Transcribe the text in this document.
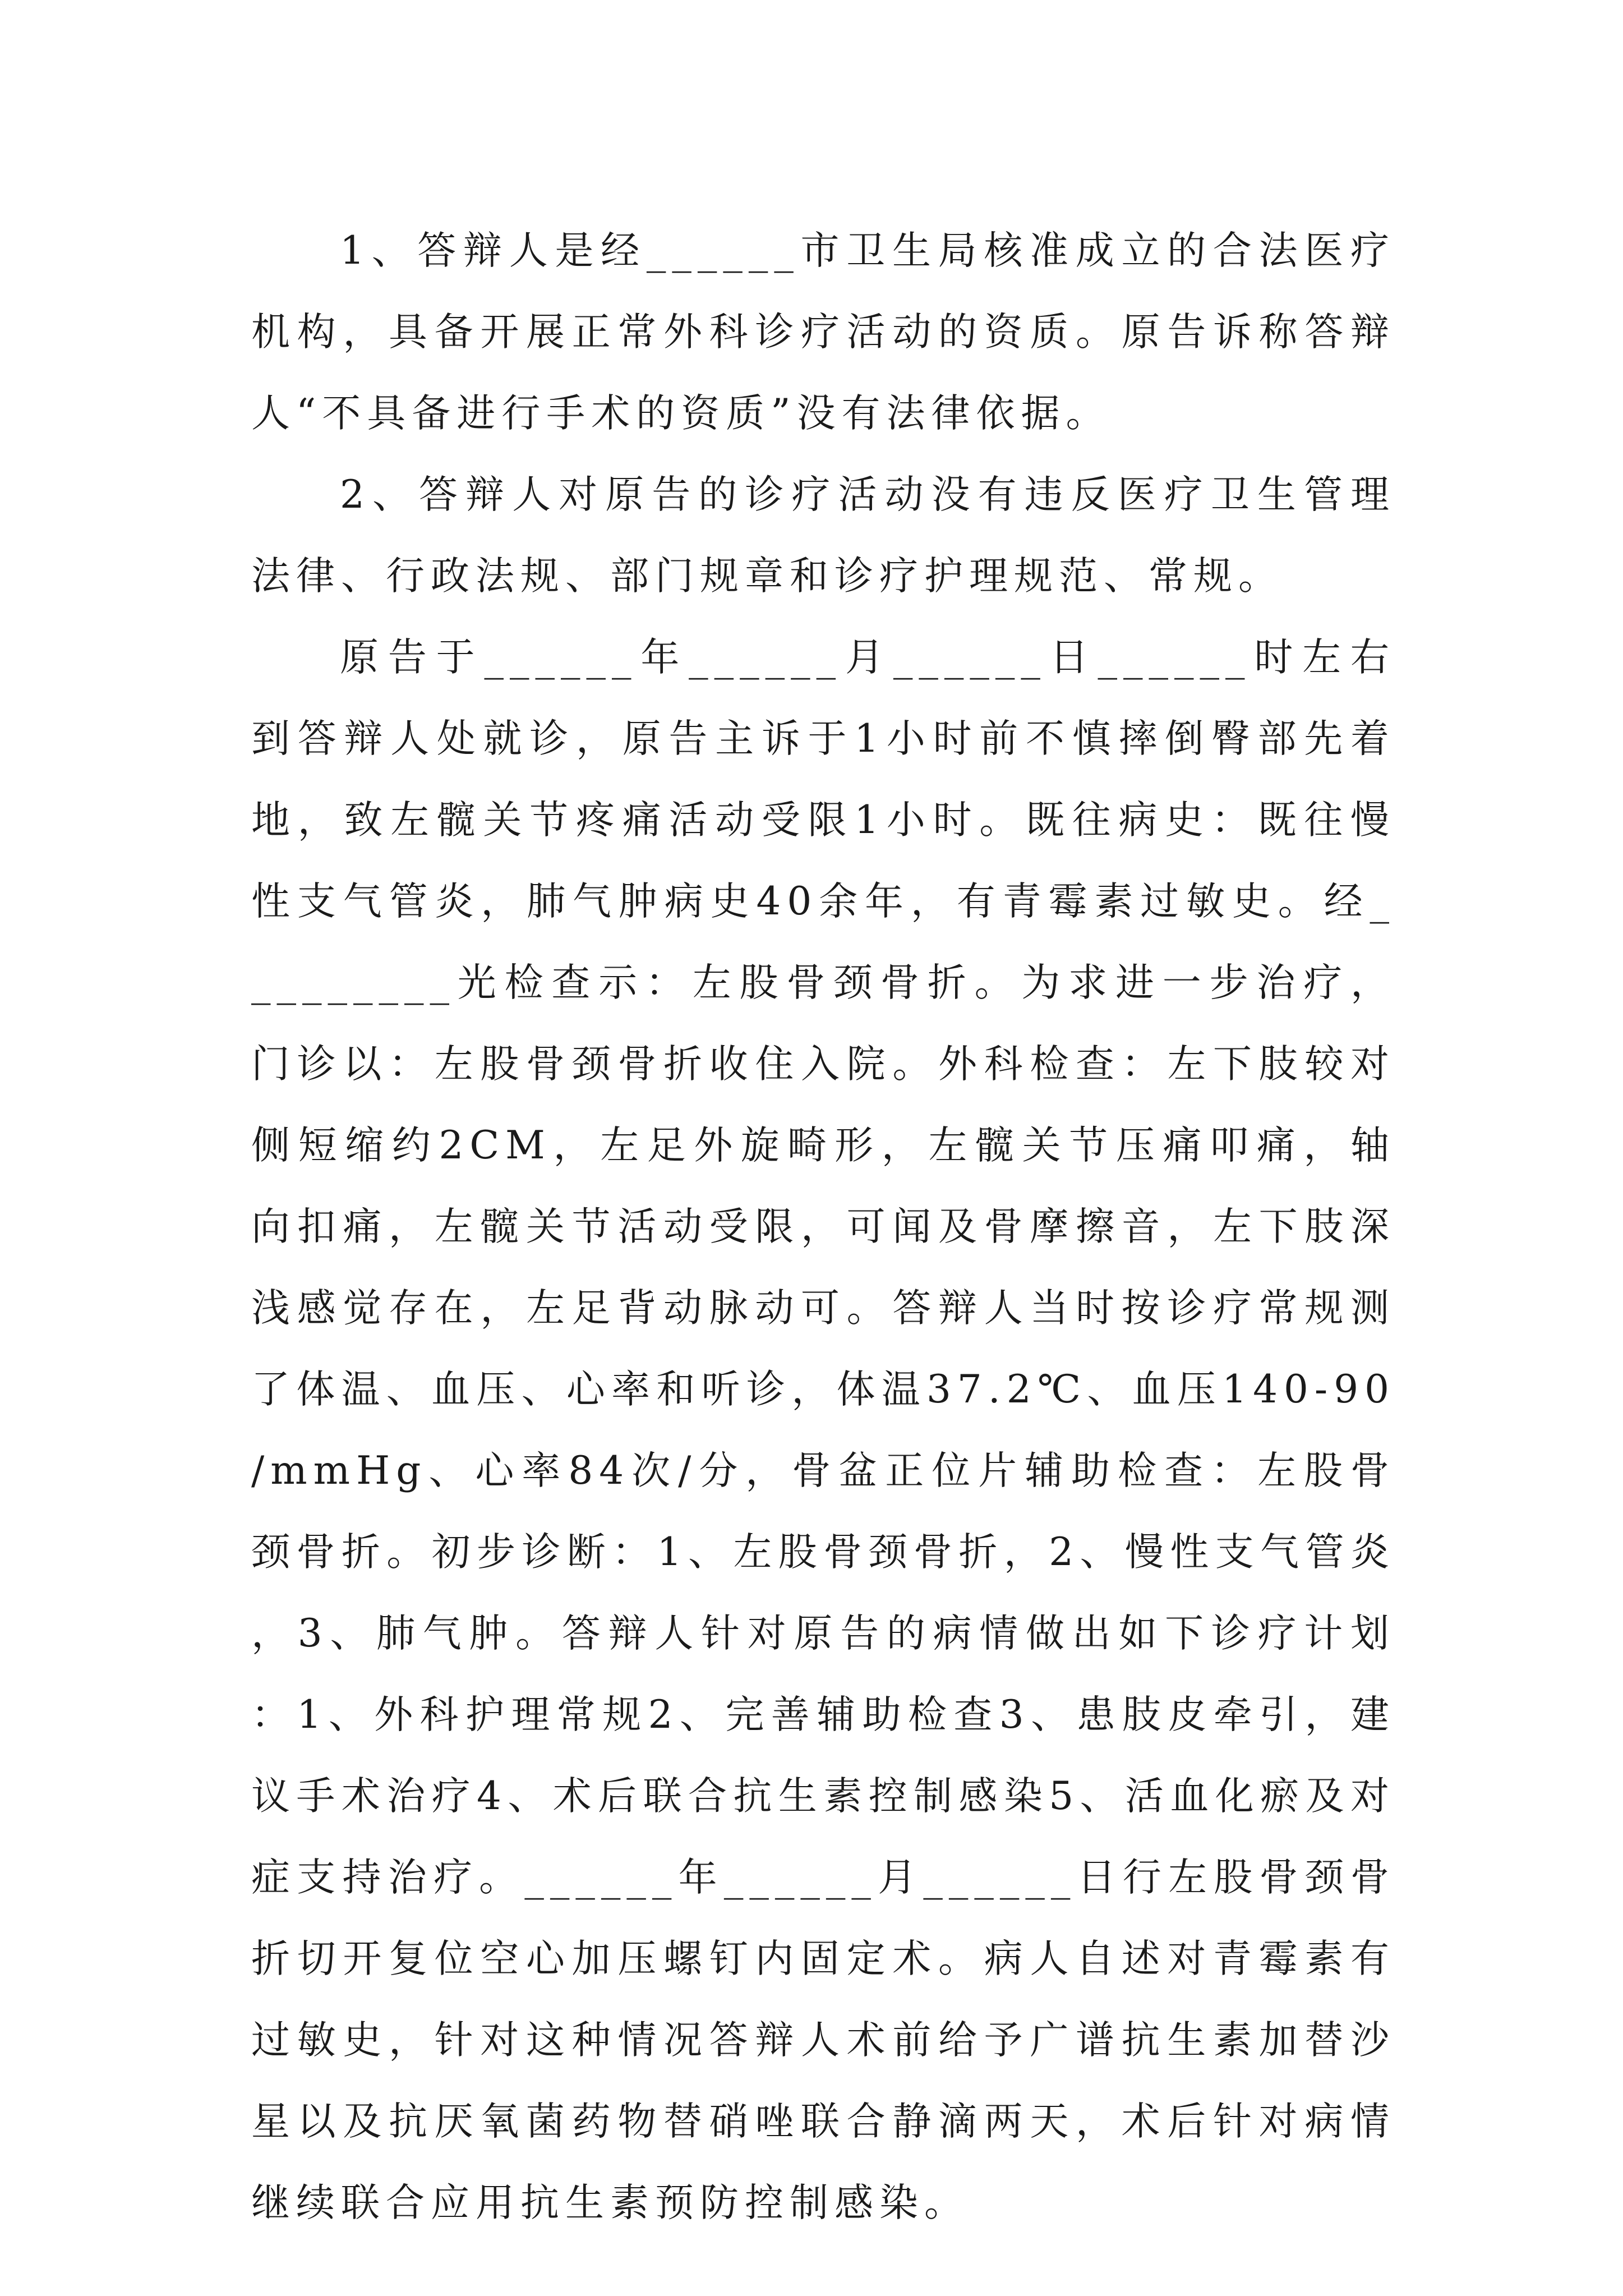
1、答辩人是经______市卫生局核准成立的合法医疗机构，具备开展正常外科诊疗活动的资质。原告诉称答辩人“不具备进行手术的资质”没有法律依据。

2、答辩人对原告的诊疗活动没有违反医疗卫生管理法律、行政法规、部门规章和诊疗护理规范、常规。

原告于______年______月______日______时左右到答辩人处就诊，原告主诉于1小时前不慎摔倒臀部先着地，致左髋关节疼痛活动受限1小时。既往病史：既往慢性支气管炎，肺气肿病史40余年，有青霉素过敏史。经_________光检查示：左股骨颈骨折。为求进一步治疗，门诊以：左股骨颈骨折收住入院。外科检查：左下肢较对侧短缩约2CM，左足外旋畸形，左髋关节压痛叩痛，轴向扣痛，左髋关节活动受限，可闻及骨摩擦音，左下肢深浅感觉存在，左足背动脉动可。答辩人当时按诊疗常规测了体温、血压、心率和听诊，体温37.2℃、血压140-90/mmHg、心率84次/分，骨盆正位片辅助检查：左股骨颈骨折。初步诊断：1、左股骨颈骨折，2、慢性支气管炎，3、肺气肿。答辩人针对原告的病情做出如下诊疗计划：1、外科护理常规2、完善辅助检查3、患肢皮牵引，建议手术治疗4、术后联合抗生素控制感染5、活血化瘀及对症支持治疗。______年______月______日行左股骨颈骨折切开复位空心加压螺钉内固定术。病人自述对青霉素有过敏史，针对这种情况答辩人术前给予广谱抗生素加替沙星以及抗厌氧菌药物替硝唑联合静滴两天，术后针对病情继续联合应用抗生素预防控制感染。
